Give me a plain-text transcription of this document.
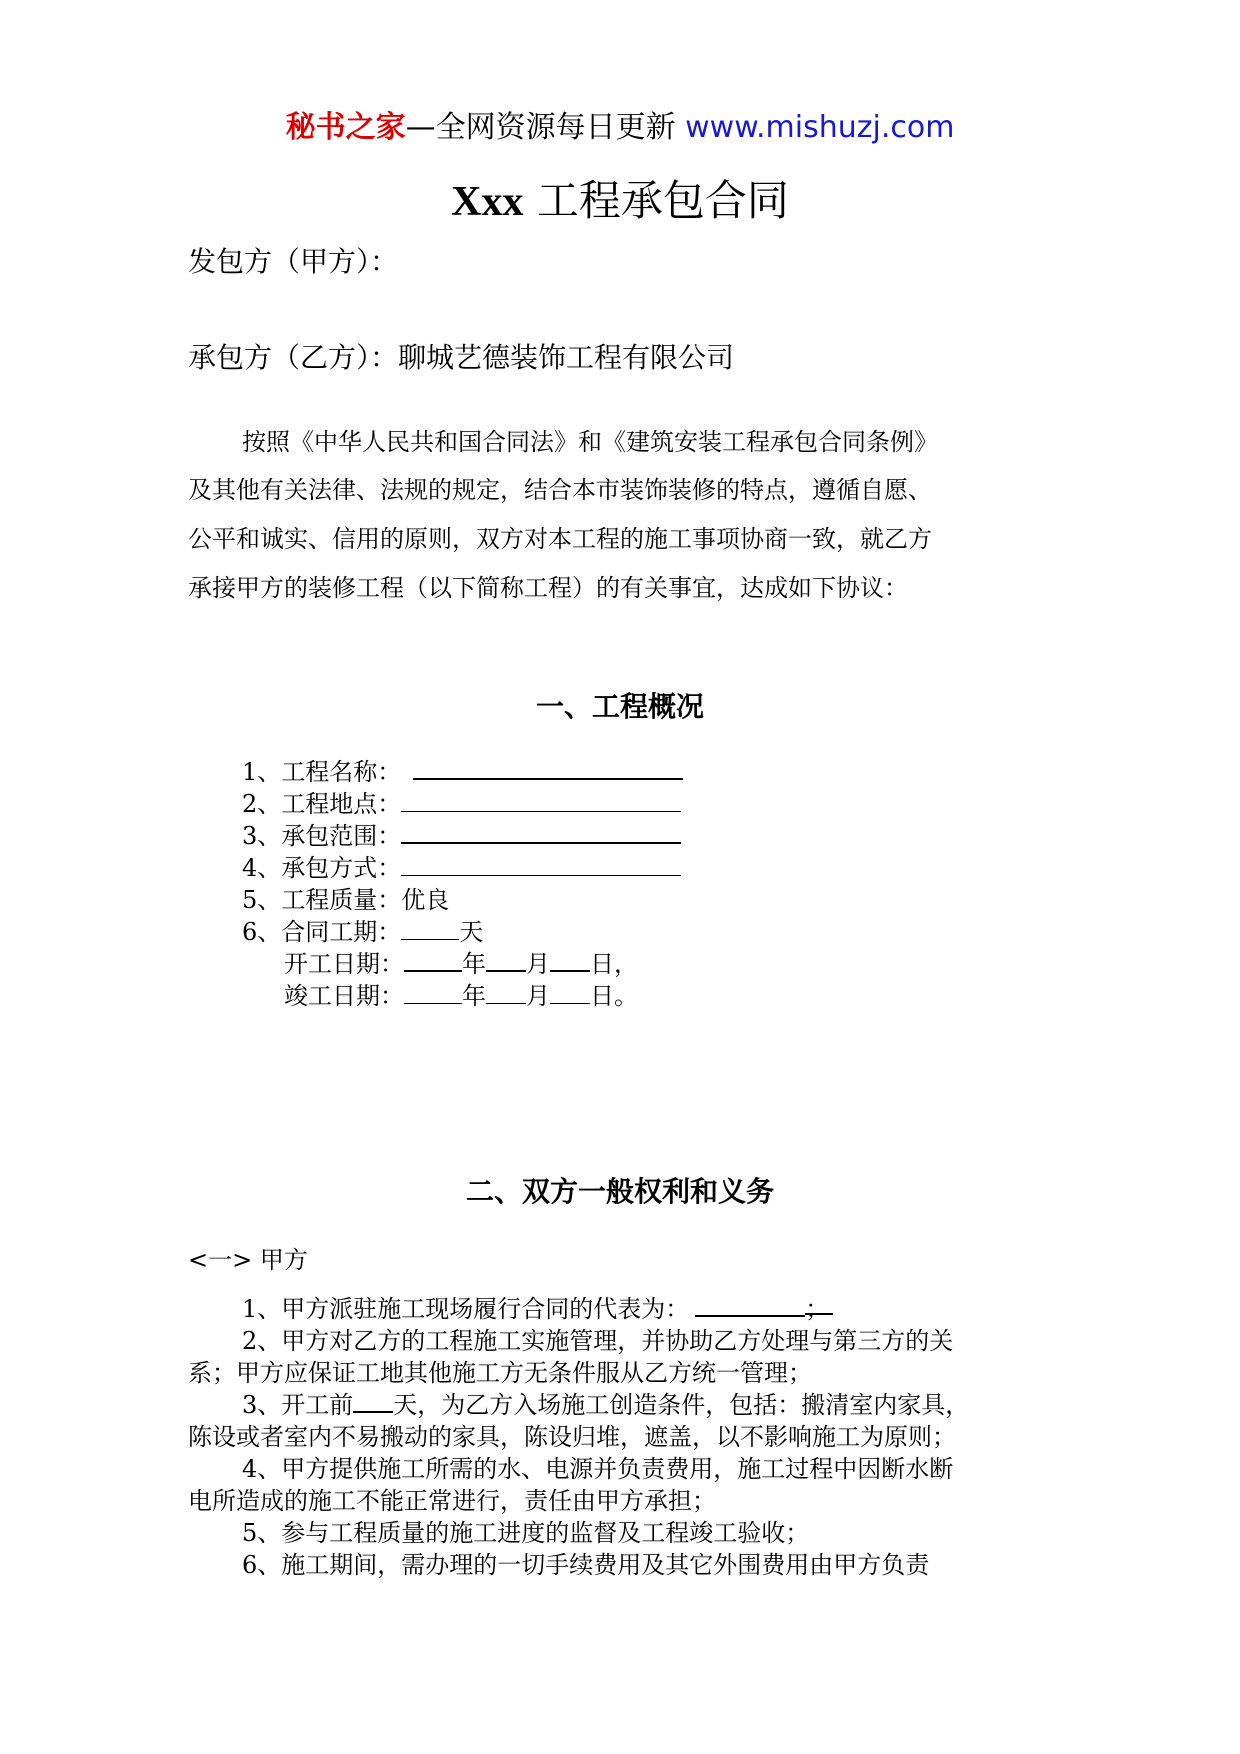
秘书之家—全网资源每日更新 www.mishuzj.com
Xxx 工程承包合同
发包方（甲方）：
承包方（乙方）：聊城艺德装饰工程有限公司
按照《中华人民共和国合同法》和《建筑安装工程承包合同条例》
及其他有关法律、法规的规定，结合本市装饰装修的特点，遵循自愿、
公平和诚实、信用的原则，双方对本工程的施工事项协商一致，就乙方
承接甲方的装修工程（以下简称工程）的有关事宜，达成如下协议：
一、工程概况
1、工程名称：
2、工程地点：
3、承包范围：
4、承包方式：
5、工程质量：优良
6、合同工期： 天
开工日期： 年 月 日，
竣工日期： 年 月 日。
二、双方一般权利和义务
<一> 甲方
1、甲方派驻施工现场履行合同的代表为：	；
2、甲方对乙方的工程施工实施管理，并协助乙方处理与第三方的关
系；甲方应保证工地其他施工方无条件服从乙方统一管理；
3、开工前 天，为乙方入场施工创造条件，包括：搬清室内家具，
陈设或者室内不易搬动的家具，陈设归堆，遮盖，以不影响施工为原则；
4、甲方提供施工所需的水、电源并负责费用，施工过程中因断水断
电所造成的施工不能正常进行，责任由甲方承担；
5、参与工程质量的施工进度的监督及工程竣工验收；
6、施工期间，需办理的一切手续费用及其它外围费用由甲方负责
